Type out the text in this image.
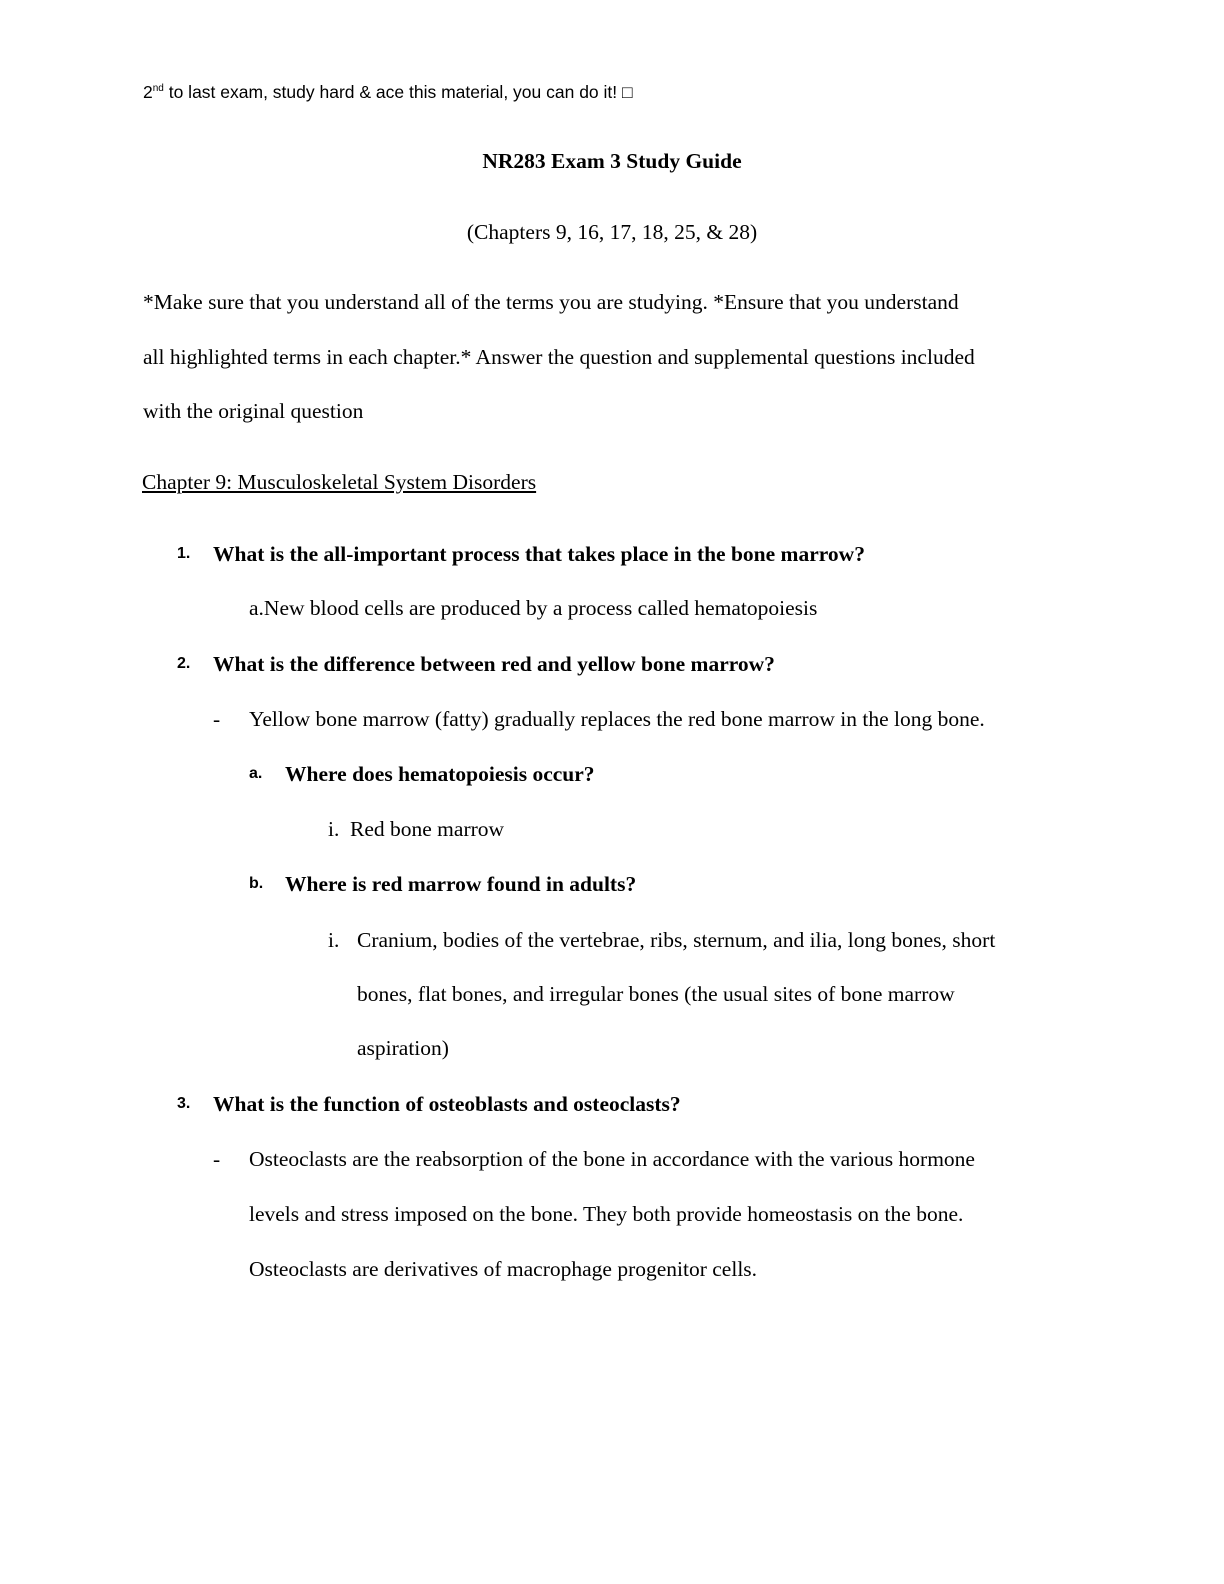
2nd to last exam, study hard & ace this material, you can do it! □
NR283 Exam 3 Study Guide
(Chapters 9, 16, 17, 18, 25, & 28)
*Make sure that you understand all of the terms you are studying. *Ensure that you understand
all highlighted terms in each chapter.* Answer the question and supplemental questions included
with the original question
Chapter 9: Musculoskeletal System Disorders
1. What is the all-important process that takes place in the bone marrow?
a.New blood cells are produced by a process called hematopoiesis
2. What is the difference between red and yellow bone marrow?
- Yellow bone marrow (fatty) gradually replaces the red bone marrow in the long bone.
a. Where does hematopoiesis occur?
i. Red bone marrow
b. Where is red marrow found in adults?
i. Cranium, bodies of the vertebrae, ribs, sternum, and ilia, long bones, short
bones, flat bones, and irregular bones (the usual sites of bone marrow
aspiration)
3. What is the function of osteoblasts and osteoclasts?
- Osteoclasts are the reabsorption of the bone in accordance with the various hormone
levels and stress imposed on the bone. They both provide homeostasis on the bone.
Osteoclasts are derivatives of macrophage progenitor cells.
